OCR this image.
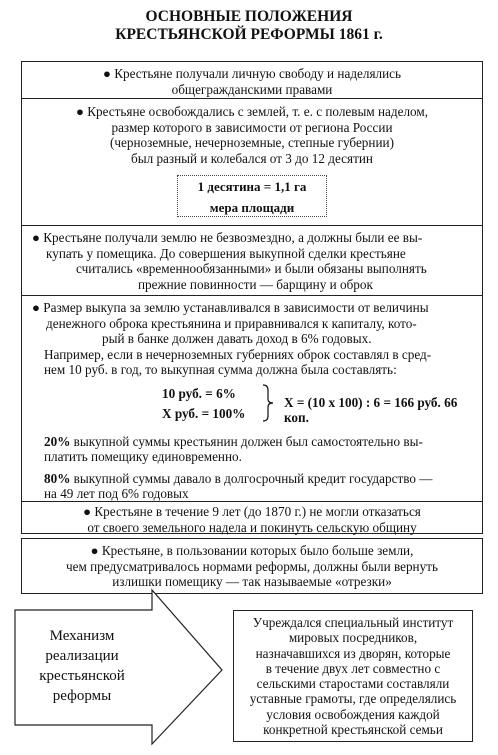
ОСНОВНЫЕ ПОЛОЖЕНИЯ
КРЕСТЬЯНСКОЙ РЕФОРМЫ 1861 г.
● Крестьяне получали личную свободу и наделялись
общегражданскими правами
● Крестьяне освобождались с землей, т. е. с полевым наделом,
размер которого в зависимости от региона России
(черноземные, нечерноземные, степные губернии)
был разный и колебался от 3 до 12 десятин
1 десятина = 1,1 га
мера площади
● Крестьяне получали землю не безвозмездно, а должны были ее вы-
купать у помещика. До совершения выкупной сделки крестьяне
считались «временнообязанными» и были обязаны выполнять
прежние повинности — барщину и оброк
● Размер выкупа за землю устанавливался в зависимости от величины
денежного оброка крестьянина и приравнивался к капиталу, кото-
рый в банке должен давать доход в 6% годовых.
Например, если в нечерноземных губерниях оброк составлял в сред-
нем 10 руб. в год, то выкупная сумма должна была составлять:
10 руб. = 6%
X руб. = 100%
X = (10 x 100) : 6 = 166 руб. 66 коп.
20% выкупной суммы крестьянин должен был самостоятельно вы-
платить помещику единовременно.
80% выкупной суммы давало в долгосрочный кредит государство —
на 49 лет под 6% годовых
● Крестьяне в течение 9 лет (до 1870 г.) не могли отказаться
от своего земельного надела и покинуть сельскую общину
● Крестьяне, в пользовании которых было больше земли,
чем предусматривалось нормами реформы, должны были вернуть
излишки помещику — так называемые «отрезки»
Механизм
реализации
крестьянской
реформы
Учреждался специальный институт
мировых посредников,
назначавшихся из дворян, которые
в течение двух лет совместно с
сельскими старостами составляли
уставные грамоты, где определялись
условия освобождения каждой
конкретной крестьянской семьи
